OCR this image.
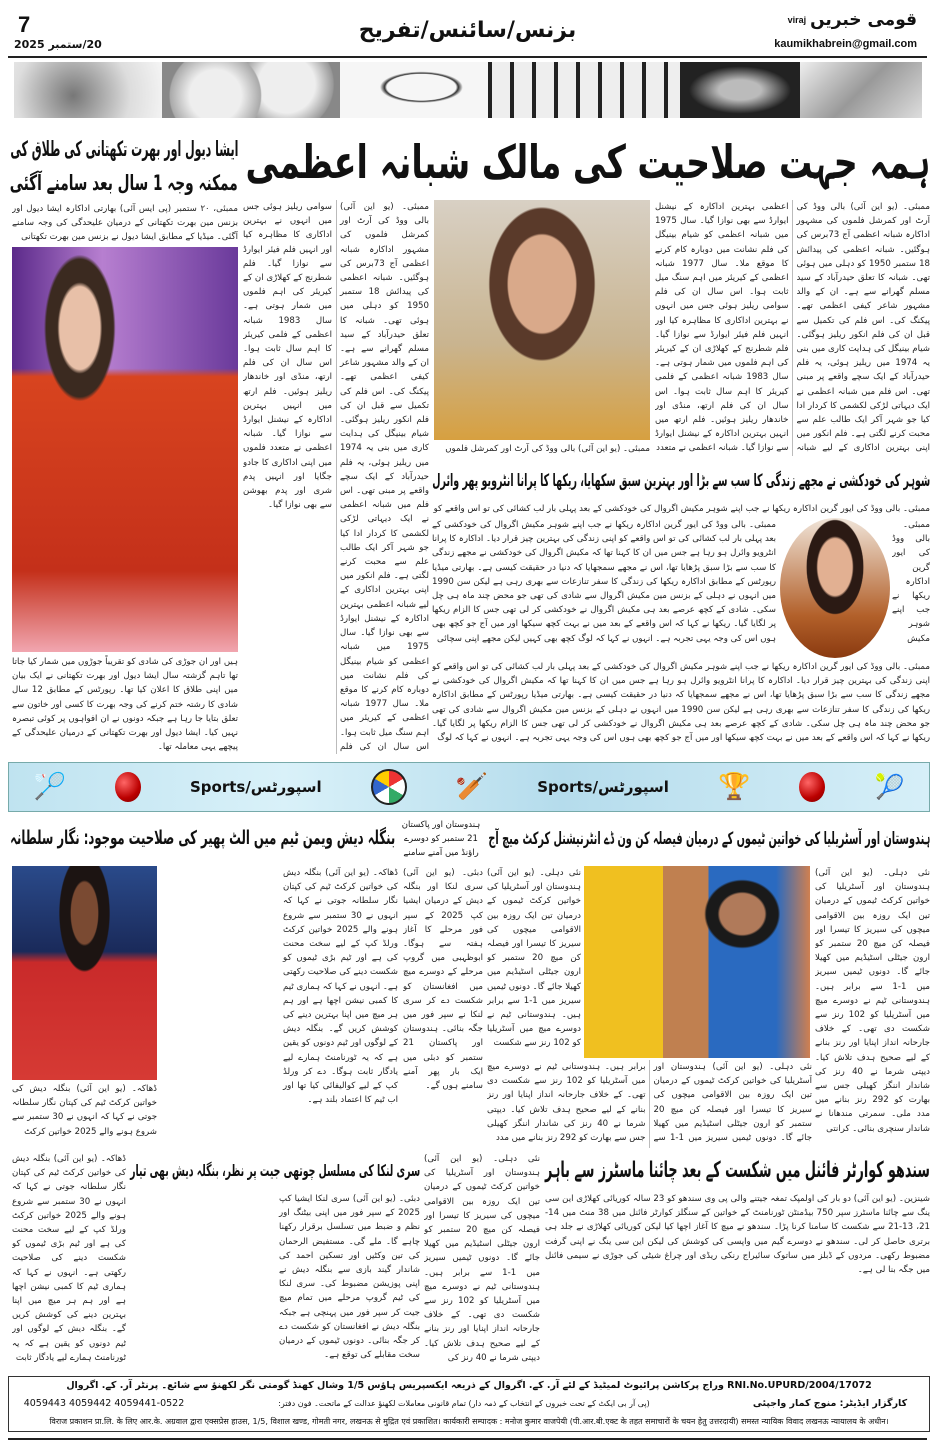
7
20/ستمبر 2025
بزنس/سائنس/تفریح	viraj قومی خبریں
kaumikhabrein@gmail.com
ہمہ جہت صلاحیت کی مالک شبانہ اعظمی
ممبئی۔ (یو این آئی) بالی ووڈ کی آرٹ اور کمرشل فلموں کی مشہور اداکارہ شبانہ اعظمی آج 73برس کی ہوگئیں۔ شبانہ اعظمی کی پیدائش 18 ستمبر 1950 کو دہلی میں ہوئی تھی۔ شبانہ کا تعلق حیدرآباد کے سید مسلم گھرانے سے ہے۔ ان کے والد مشہور شاعر کیفی اعظمی تھے۔ پیکنگ کی۔ اس فلم کی تکمیل سے قبل ان کی فلم انکور ریلیز ہوگئی۔ شیام بینیگل کی ہدایت کاری میں بنی یہ 1974 میں ریلیز ہوئی، یہ فلم حیدرآباد کے ایک سچے واقعے پر مبنی تھی۔ اس فلم میں شبانہ اعظمی نے ایک دیہاتی لڑکی لکشمی کا کردار ادا کیا جو شہر آکر ایک طالب علم سے محبت کرنے لگتی ہے۔ فلم انکور میں اپنی بہترین اداکاری کے لیے شبانہ اعظمی بہترین اداکارہ کے نیشنل ایوارڈ سے بھی نوازا گیا۔ سال 1975 میں شبانہ اعظمی کو شیام بینیگل کی فلم نشانت میں دوبارہ کام کرنے کا موقع ملا۔ سال 1977 شبانہ اعظمی کے کیریئر میں اہم سنگ میل ثابت ہوا۔ اس سال ان کی فلم سوامی ریلیز ہوئی جس میں انہوں نے بہترین اداکاری کا مظاہرہ کیا اور انہیں فلم فیئر ایوارڈ سے نوازا گیا۔ فلم شطرنج کے کھلاڑی ان کے کیریئر کی اہم فلموں میں شمار ہوتی ہے۔ سال 1983 شبانہ اعظمی کے فلمی کیریئر کا اہم سال ثابت ہوا۔ اس سال ان کی فلم ارتھ، منڈی اور خاندھار ریلیز ہوئیں۔ فلم ارتھ میں انہیں بہترین اداکارہ کے نیشنل ایوارڈ سے نوازا گیا۔ شبانہ اعظمی نے متعدد
ممبئی۔ (یو این آئی) بالی ووڈ کی آرٹ اور کمرشل فلموں کی مشہور اداکارہ شبانہ اعظمی آج 73برس کی ہوگئیں۔ شبانہ اعظمی کی پیدائش 18 ستمبر 1950 کو دہلی میں ہوئی تھی۔ شبانہ کا تعلق حیدرآباد کے سید مسلم گھرانے سے ہے۔ ان کے والد مشہور شاعر کیفی اعظمی تھے۔ پیکنگ کی۔ اس فلم کی تکمیل سے قبل ان کی فلم انکور ریلیز ہوگئی۔ شیام بینیگل کی ہدایت کاری میں بنی یہ 1974 میں ریلیز ہوئی، یہ فلم حیدرآباد کے ایک سچے واقعے پر مبنی تھی۔ اس فلم میں شبانہ اعظمی نے ایک دیہاتی لڑکی لکشمی کا کردار ادا کیا جو شہر آکر ایک طالب علم سے محبت کرنے لگتی ہے۔ فلم انکور میں اپنی بہترین اداکاری کے لیے شبانہ اعظمی بہترین اداکارہ کے نیشنل ایوارڈ سے بھی نوازا گیا۔ سال 1975 میں شبانہ اعظمی کو شیام بینیگل کی فلم نشانت میں دوبارہ کام کرنے کا موقع ملا۔ سال 1977 شبانہ اعظمی کے کیریئر میں اہم سنگ میل ثابت ہوا۔ اس سال ان کی فلم سوامی ریلیز ہوئی جس میں انہوں نے بہترین اداکاری کا مظاہرہ کیا اور انہیں فلم فیئر ایوارڈ سے نوازا گیا۔ فلم شطرنج کے کھلاڑی ان کے کیریئر کی اہم فلموں میں شمار ہوتی ہے۔ سال 1983 شبانہ اعظمی کے فلمی کیریئر کا اہم سال ثابت ہوا۔ اس سال ان کی فلم ارتھ، منڈی اور خاندھار ریلیز ہوئیں۔ فلم ارتھ میں انہیں بہترین اداکارہ کے نیشنل ایوارڈ سے نوازا گیا۔ شبانہ اعظمی نے متعدد فلموں میں اپنی اداکاری کا جادو جگایا اور انہیں پدم شری اور پدم بھوشن سے بھی نوازا گیا۔
ممبئی۔ (یو این آئی) بالی ووڈ کی آرٹ اور کمرشل فلموں
ایشا دیول اور بھرت تکھتانی کی طلاق کی
ممکنہ وجہ 1 سال بعد سامنے آگئی
ممبئی، ۲۰ ستمبر (پی ایس آئی) بھارتی اداکارہ ایشا دیول اور بزنس مین بھرت تکھتانی کے درمیان علیحدگی کی وجہ سامنے آگئی۔ میڈیا کے مطابق ایشا دیول نے بزنس مین بھرت تکھتانی
ہیں اور ان جوڑی کی شادی کو تقریباً جوڑوں میں شمار کیا جاتا تھا تاہم گزشتہ سال ایشا دیول اور بھرت تکھتانی نے ایک بیان میں اپنی طلاق کا اعلان کیا تھا۔ رپورٹس کے مطابق 12 سال شادی کا رشتہ ختم کرنے کی وجہ بھرت کا کسی اور خاتون سے تعلق بتایا جا رہا ہے جبکہ دونوں نے ان افواہوں پر کوئی تبصرہ نہیں کیا۔ ایشا دیول اور بھرت تکھتانی کے درمیان علیحدگی کے پیچھے یہی معاملہ تھا۔
شوہر کی خودکشی نے مجھے زندگی کا سب سے بڑا اور بہترین سبق سکھایا، ریکھا کا پرانا انٹرویو پھر وائرل
ممبئی۔ بالی ووڈ کی ایور گرین اداکارہ ریکھا نے جب اپنے شوہر مکیش اگروال کی خودکشی کے بعد پہلی بار لب کشائی کی تو اس واقعے کو
ممبئی۔ بالی ووڈ کی ایور گرین اداکارہ ریکھا نے جب اپنے شوہر مکیش
ممبئی۔ بالی ووڈ کی ایور گرین اداکارہ ریکھا نے جب اپنے شوہر مکیش اگروال کی خودکشی کے بعد پہلی بار لب کشائی کی تو اس واقعے کو اپنی زندگی کی بہترین چیز قرار دیا۔ اداکارہ کا پرانا انٹرویو وائرل ہو رہا ہے جس میں ان کا کہنا تھا کہ مکیش اگروال کی خودکشی نے مجھے زندگی کا سب سے بڑا سبق پڑھایا تھا، اس نے مجھے سمجھایا کہ دنیا در حقیقت کیسی ہے۔ بھارتی میڈیا رپورٹس کے مطابق اداکارہ ریکھا کی زندگی کا سفر تنازعات سے بھری رہی ہے لیکن سن 1990 میں انہوں نے دہلی کے بزنس مین مکیش اگروال سے شادی کی تھی جو محض چند ماہ ہی چل سکی۔ شادی کے کچھ عرصے بعد ہی مکیش اگروال نے خودکشی کر لی تھی جس کا الزام ریکھا پر لگایا گیا۔ ریکھا نے کہا کہ اس واقعے کے بعد میں نے بہت کچھ سیکھا اور میں آج جو کچھ بھی ہوں اس کی وجہ یہی تجربہ ہے۔ انہوں نے کہا کہ لوگ کچھ بھی کہیں لیکن مجھے اپنی سچائی
ممبئی۔ بالی ووڈ کی ایور گرین اداکارہ ریکھا نے جب اپنے شوہر مکیش اگروال کی خودکشی کے بعد پہلی بار لب کشائی کی تو اس واقعے کو اپنی زندگی کی بہترین چیز قرار دیا۔ اداکارہ کا پرانا انٹرویو وائرل ہو رہا ہے جس میں ان کا کہنا تھا کہ مکیش اگروال کی خودکشی نے مجھے زندگی کا سب سے بڑا سبق پڑھایا تھا، اس نے مجھے سمجھایا کہ دنیا در حقیقت کیسی ہے۔ بھارتی میڈیا رپورٹس کے مطابق اداکارہ ریکھا کی زندگی کا سفر تنازعات سے بھری رہی ہے لیکن سن 1990 میں انہوں نے دہلی کے بزنس مین مکیش اگروال سے شادی کی تھی جو محض چند ماہ ہی چل سکی۔ شادی کے کچھ عرصے بعد ہی مکیش اگروال نے خودکشی کر لی تھی جس کا الزام ریکھا پر لگایا گیا۔ ریکھا نے کہا کہ اس واقعے کے بعد میں نے بہت کچھ سیکھا اور میں آج جو کچھ بھی ہوں اس کی وجہ یہی تجربہ ہے۔ انہوں نے کہا کہ لوگ
🏸	اسپورٹس/Sports	🏏	اسپورٹس/Sports 🏆	🎾
بنگلہ دیش ویمن ٹیم میں الٹ پھیر کی صلاحیت موجود: نگار سلطانہ
ہندوستان اور پاکستان 21 ستمبر کو دوسرے راؤنڈ میں آمنے سامنے
ہندوستان اور آسٹریلیا کی خواتین ٹیموں کے درمیان فیصلہ کن ون ڈے انٹرنیشنل کرکٹ میچ آج
ڈھاکہ۔ (یو این آئی) بنگلہ دیش کی خواتین کرکٹ ٹیم کی کپتان نگار سلطانہ جوتی نے کہا کہ انہوں نے 30 ستمبر سے شروع ہونے والے 2025 خواتین کرکٹ ورلڈ کپ کے لیے سخت محنت کی ہے اور ٹیم بڑی ٹیموں کو شکست دینے کی صلاحیت رکھتی ہے۔ انہوں نے کہا کہ ہماری ٹیم کا کمبی نیشن اچھا ہے اور ہم ہر میچ میں اپنا بہترین دینے کی کوشش کریں گے۔ بنگلہ دیش کے لوگوں اور ٹیم دونوں کو یقین ہے کہ یہ ٹورنامنٹ ہمارے لیے یادگار ثابت ہوگا۔ دے کر ورلڈ کپ کے لیے کوالیفائی کیا تھا اور اب ٹیم کا اعتماد بلند ہے۔
ڈھاکہ۔ (یو این آئی) بنگلہ دیش کی خواتین کرکٹ ٹیم کی کپتان نگار سلطانہ جوتی نے کہا کہ انہوں نے 30 ستمبر سے شروع ہونے والے 2025 خواتین کرکٹ
دبئی۔ (یو این آئی) سری لنکا اور بنگلہ دیش کے درمیان ایشیا کپ 2025 کے سپر فور مرحلے کا آغاز ہفتہ سے ہوگا۔ ابوظہبی میں گروپ مرحلے کے دوسرے میچ میں افغانستان کو شکست دے کر سری لنکا نے سپر فور میں جگہ بنائی۔ ہندوستان اور پاکستان 21 ستمبر کو دبئی میں ایک بار پھر آمنے سامنے ہوں گے۔
نئی دہلی۔ (یو این آئی) ہندوستان اور آسٹریلیا کی خواتین کرکٹ ٹیموں کے درمیان تین ایک روزہ بین الاقوامی میچوں کی سیریز کا تیسرا اور فیصلہ کن میچ 20 ستمبر کو ارون جیٹلی اسٹیڈیم میں کھیلا جائے گا۔ دونوں ٹیمیں سیریز میں 1-1 سے برابر ہیں۔ ہندوستانی ٹیم نے دوسرے میچ میں آسٹریلیا کو 102 رنز سے شکست
نئی دہلی۔ (یو این آئی) ہندوستان اور آسٹریلیا کی خواتین کرکٹ ٹیموں کے درمیان تین ایک روزہ بین الاقوامی میچوں کی سیریز کا تیسرا اور فیصلہ کن میچ 20 ستمبر کو ارون جیٹلی اسٹیڈیم میں کھیلا جائے گا۔ دونوں ٹیمیں سیریز میں 1-1 سے برابر ہیں۔ ہندوستانی ٹیم نے دوسرے میچ میں آسٹریلیا کو 102 رنز سے شکست دی تھی۔ کے خلاف جارحانہ انداز اپنایا اور رنز بنانے کے لیے صحیح ہدف تلاش کیا۔ دیپتی شرما نے 40 رنز کی شاندار اننگز کھیلی جس سے بھارت کو 292 رنز بنانے میں مدد ملی۔ سمرتی مندھانا نے شاندار سنچری بنائی۔ کرانتی
نئی دہلی۔ (یو این آئی) ہندوستان اور آسٹریلیا کی خواتین کرکٹ ٹیموں کے درمیان تین ایک روزہ بین الاقوامی میچوں کی سیریز کا تیسرا اور فیصلہ کن میچ 20 ستمبر کو ارون جیٹلی اسٹیڈیم میں کھیلا جائے گا۔ دونوں ٹیمیں سیریز میں 1-1 سے برابر ہیں۔ ہندوستانی ٹیم نے دوسرے میچ میں آسٹریلیا کو 102 رنز سے شکست دی تھی۔ کے خلاف جارحانہ انداز اپنایا اور رنز بنانے کے لیے صحیح ہدف تلاش کیا۔ دیپتی شرما نے 40 رنز کی شاندار اننگز کھیلی جس سے بھارت کو 292 رنز بنانے میں مدد
سری لنکا کی مسلسل چوتھی جیت پر نظر، بنگلہ دیش بھی تیار	سندھو کوارٹر فائنل میں شکست کے بعد چائنا ماسٹرز سے باہر
ڈھاکہ۔ (یو این آئی) بنگلہ دیش کی خواتین کرکٹ ٹیم کی کپتان نگار سلطانہ جوتی نے کہا کہ انہوں نے 30 ستمبر سے شروع ہونے والے 2025 خواتین کرکٹ ورلڈ کپ کے لیے سخت محنت کی ہے اور ٹیم بڑی ٹیموں کو شکست دینے کی صلاحیت رکھتی ہے۔ انہوں نے کہا کہ ہماری ٹیم کا کمبی نیشن اچھا ہے اور ہم ہر میچ میں اپنا بہترین دینے کی کوشش کریں گے۔ بنگلہ دیش کے لوگوں اور ٹیم دونوں کو یقین ہے کہ یہ ٹورنامنٹ ہمارے لیے یادگار ثابت
دبئی۔ (یو این آئی) سری لنکا ایشیا کپ 2025 کے سپر فور میں اپنی بیٹنگ اور نظم و ضبط میں تسلسل برقرار رکھنا چاہے گا۔ ملے گی۔ مستفیض الرحمان کی تین وکٹیں اور تسکین احمد کی شاندار گیند بازی سے بنگلہ دیش نے اپنی پوزیشن مضبوط کی۔ سری لنکا کی ٹیم گروپ مرحلے میں تمام میچ جیت کر سپر فور میں پہنچی ہے جبکہ بنگلہ دیش نے افغانستان کو شکست دے کر جگہ بنائی۔ دونوں ٹیموں کے درمیان سخت مقابلے کی توقع ہے۔
نئی دہلی۔ (یو این آئی) ہندوستان اور آسٹریلیا کی خواتین کرکٹ ٹیموں کے درمیان تین ایک روزہ بین الاقوامی میچوں کی سیریز کا تیسرا اور فیصلہ کن میچ 20 ستمبر کو ارون جیٹلی اسٹیڈیم میں کھیلا جائے گا۔ دونوں ٹیمیں سیریز میں 1-1 سے برابر ہیں۔ ہندوستانی ٹیم نے دوسرے میچ میں آسٹریلیا کو 102 رنز سے شکست دی تھی۔ کے خلاف جارحانہ انداز اپنایا اور رنز بنانے کے لیے صحیح ہدف تلاش کیا۔ دیپتی شرما نے 40 رنز کی
شینزین۔ (یو این آئی) دو بار کی اولمپک تمغہ جیتنے والی پی وی سندھو کو 23 سالہ کوریائی کھلاڑی این سی ینگ سے چائنا ماسٹرز سپر 750 بیڈمنٹن ٹورنامنٹ کے خواتین کے سنگلز کوارٹر فائنل میں 38 منٹ میں 14-21، 13-21 سے شکست کا سامنا کرنا پڑا۔ سندھو نے میچ کا آغاز اچھا کیا لیکن کوریائی کھلاڑی نے جلد ہی برتری حاصل کر لی۔ سندھو نے دوسرے گیم میں واپسی کی کوشش کی لیکن این سی ینگ نے اپنی گرفت مضبوط رکھی۔ مردوں کے ڈبلز میں ساتوک سائیراج رنکی ریڈی اور چراغ شیٹی کی جوڑی نے سیمی فائنل میں جگہ بنا لی ہے۔
RNI.No.UPURD/2004/17072 وراج پرکاشن پرائیوٹ لمیٹیڈ کے لئے آر. کے. اگروال کے ذریعہ ایکسپریس ہاؤس 1/5 وشال کھنڈ گومتی نگر لکھنؤ سے شائع۔ پرنٹر آر. کے. اگروال
کارگزار ایڈیٹر: منوج کمار واجپئی
(پی آر بی ایکٹ کے تحت خبروں کے انتخاب کے ذمہ دار) تمام قانونی معاملات لکھنؤ عدالت کے ماتحت۔ فون دفتر:
4059443 4059442 4059441-0522
विराज प्रकाशन प्रा.लि. के लिए आर.के. अग्रवाल द्वारा एक्सप्रेस हाउस, 1/5, विशाल खण्ड, गोमती नगर, लखनऊ से मुद्रित एवं प्रकाशित। कार्यकारी सम्पादक : मनोज कुमार वाजपेयी (पी.आर.बी.एक्ट के तहत समाचारों के चयन हेतु उत्तरदायी) समस्त न्यायिक विवाद लखनऊ न्यायालय के अधीन।
